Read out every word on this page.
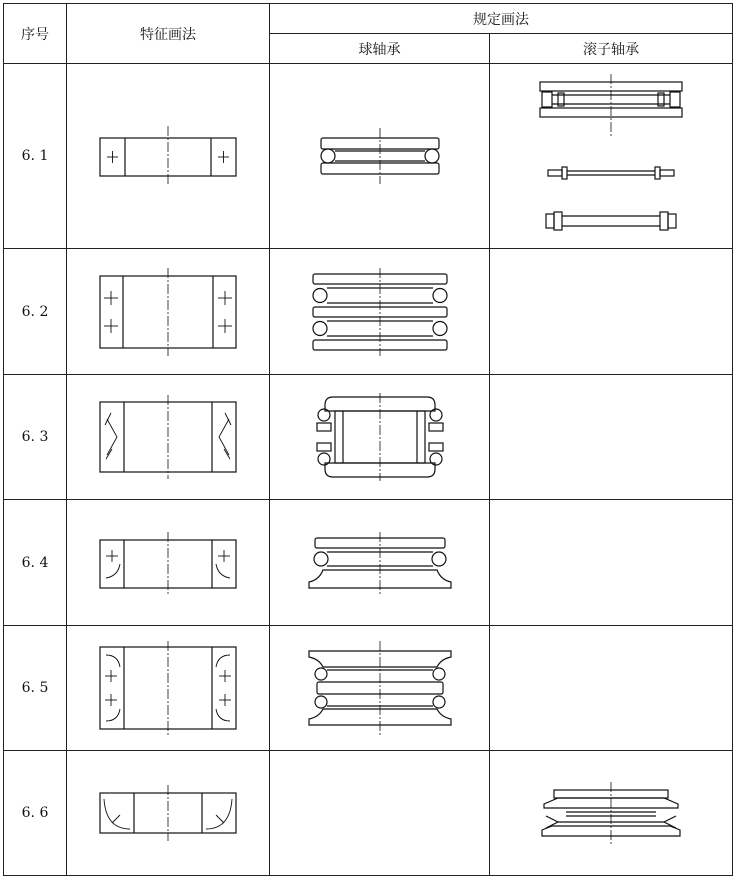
序号	特征画法	规定画法	
		球轴承	滚子轴承
6. 1	

6. 2	

6. 3	

6. 4	

6. 5	

6. 6	
